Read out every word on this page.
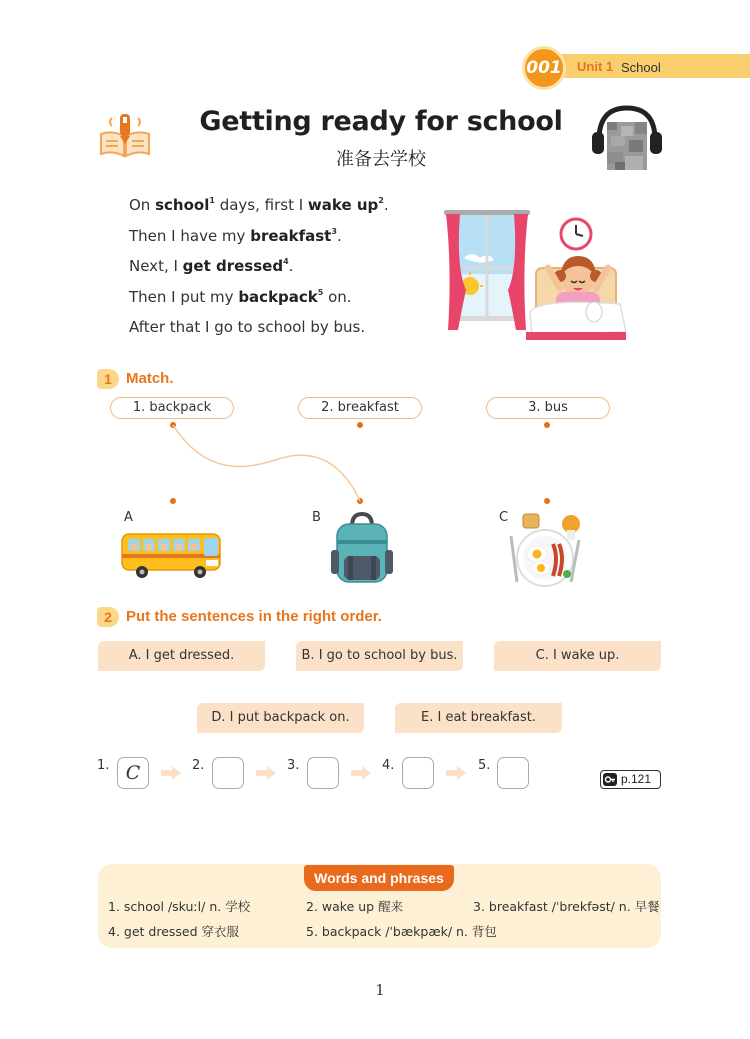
001	Unit 1 School
Getting ready for school
准备去学校

On school$^1$ days, first I wake $up^2$.

Then I have my breakfast$^3$.

Next, I get dressed$^4$.

Then I put my backpack$^5$ on.

After that I go to school by bus.

1 Match.
1. backpack	2. breakfast	3. bus
A	B	C
2 Put the sentences in the right order.
A. I get dressed.	B. I go to school by bus.	C. I wake up.
D. I put backpack on.	E. I eat breakfast.
1. C	2.	3.	4.	5.
p.121
Words and phrases
1. school /skuːl/ n. 学校	2. wake up 醒来	3. breakfast /ˈbrekfəst/ n. 早餐
4. get dressed 穿衣服	5. backpack /ˈbækpæk/ n. 背包
1
